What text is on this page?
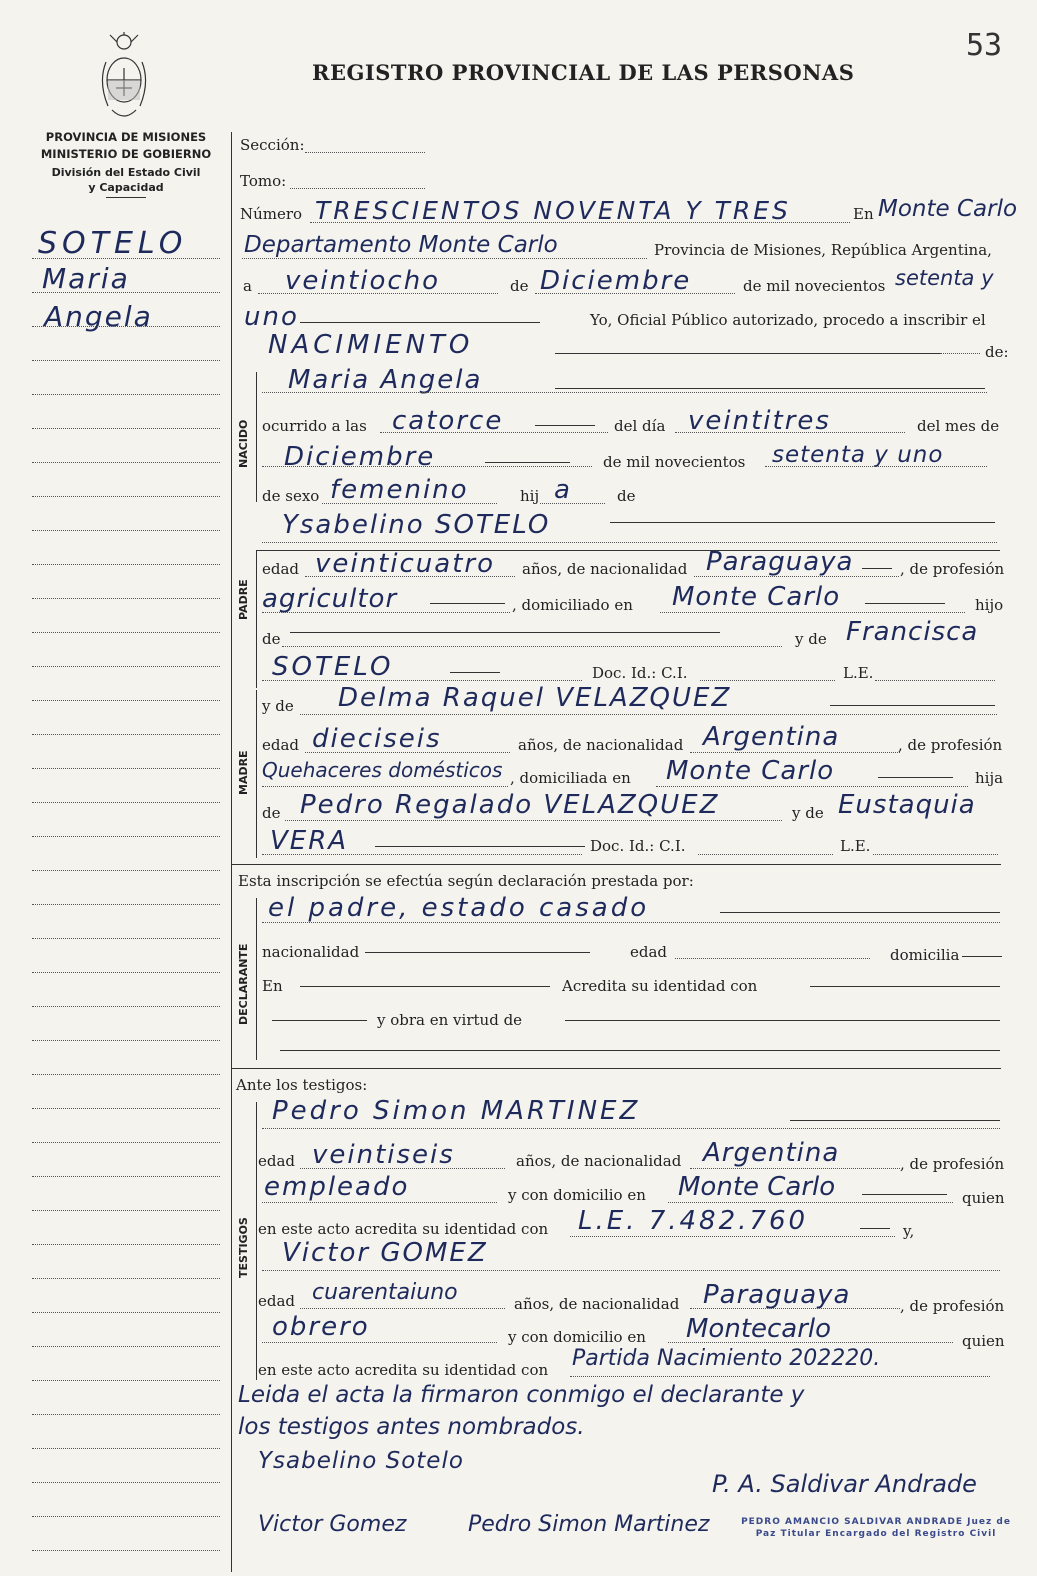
53
PROVINCIA DE MISIONES
MINISTERIO DE GOBIERNO
División del Estado Civil
y Capacidad
REGISTRO PROVINCIAL DE LAS PERSONAS
SOTELO
Maria
Angela
Sección:
Tomo:
Número TRESCIENTOS NOVENTA Y TRES	En Monte Carlo
Departamento Monte Carlo	Provincia de Misiones, República Argentina,
a veintiocho	de Diciembre	de mil novecientos setenta y
uno	Yo, Oficial Público autorizado, procedo a inscribir el
NACIMIENTO	de:
NACIDO
Maria Angela
ocurrido a las catorce	del día veintitres	del mes de
Diciembre	de mil novecientos setenta y uno
de sexo femenino	hij a	de
PADRE
Ysabelino SOTELO
edad veinticuatro años, de nacionalidad Paraguaya	, de profesión
agricultor	, domiciliado en Monte Carlo	hijo
de	y de Francisca
SOTELO	Doc. Id.: C.I.	L.E.
MADRE
y de Delma Raquel VELAZQUEZ
edad dieciseis	años, de nacionalidad Argentina	, de profesión
Quehaceres domésticos , domiciliada en Monte Carlo	hija
de Pedro Regalado VELAZQUEZ	y de Eustaquia
VERA	Doc. Id.: C.I.	L.E.
Esta inscripción se efectúa según declaración prestada por:
DECLARANTE
el padre, estado casado
nacionalidad	edad	domicilia
En	Acredita su identidad con
y obra en virtud de
Ante los testigos:
TESTIGOS
Pedro Simon MARTINEZ
edad veintiseis	años, de nacionalidad Argentina	, de profesión
empleado	y con domicilio en Monte Carlo	quien
en este acto acredita su identidad con L.E. 7.482.760	y,
Victor GOMEZ
edad cuarentaiuno	años, de nacionalidad Paraguaya	, de profesión
obrero	y con domicilio en Montecarlo	quien
en este acto acredita su identidad con Partida Nacimiento 202220.
Leida el acta la firmaron conmigo el declarante y
los testigos antes nombrados.
Ysabelino Sotelo
P. A. Saldivar Andrade
Victor Gomez	Pedro Simon Martinez	PEDRO AMANCIO SALDIVAR ANDRADE Juez de Paz Titular Encargado del Registro Civil
